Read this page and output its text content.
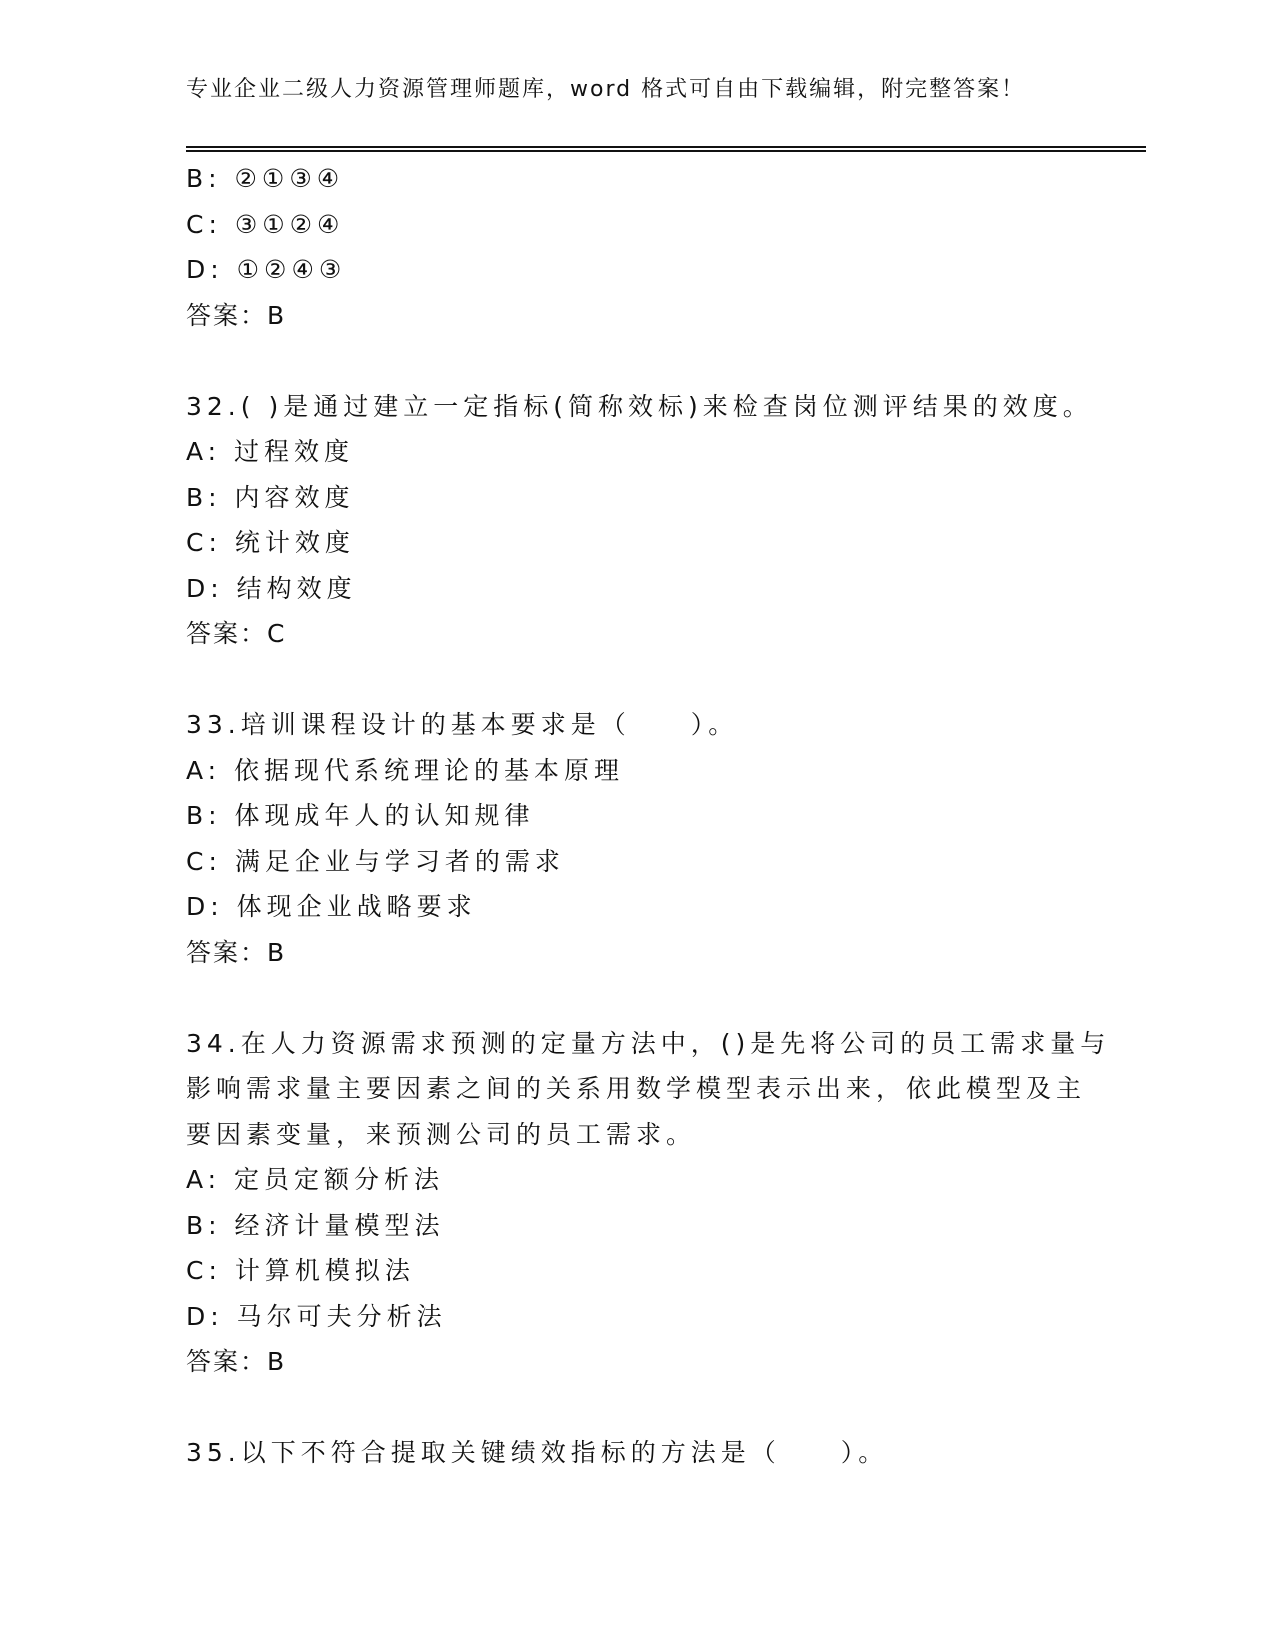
专业企业二级人力资源管理师题库，word 格式可自由下载编辑，附完整答案！
B: ②①③④
C: ③①②④
D: ①②④③
答案：B
32.( )是通过建立一定指标(简称效标)来检查岗位测评结果的效度。
A: 过程效度
B: 内容效度
C: 统计效度
D: 结构效度
答案：C
33.培训课程设计的基本要求是（　　）。
A: 依据现代系统理论的基本原理
B: 体现成年人的认知规律
C: 满足企业与学习者的需求
D: 体现企业战略要求
答案：B
34.在人力资源需求预测的定量方法中，()是先将公司的员工需求量与
影响需求量主要因素之间的关系用数学模型表示出来，依此模型及主
要因素变量，来预测公司的员工需求。
A: 定员定额分析法
B: 经济计量模型法
C: 计算机模拟法
D: 马尔可夫分析法
答案：B
35.以下不符合提取关键绩效指标的方法是（　　）。
